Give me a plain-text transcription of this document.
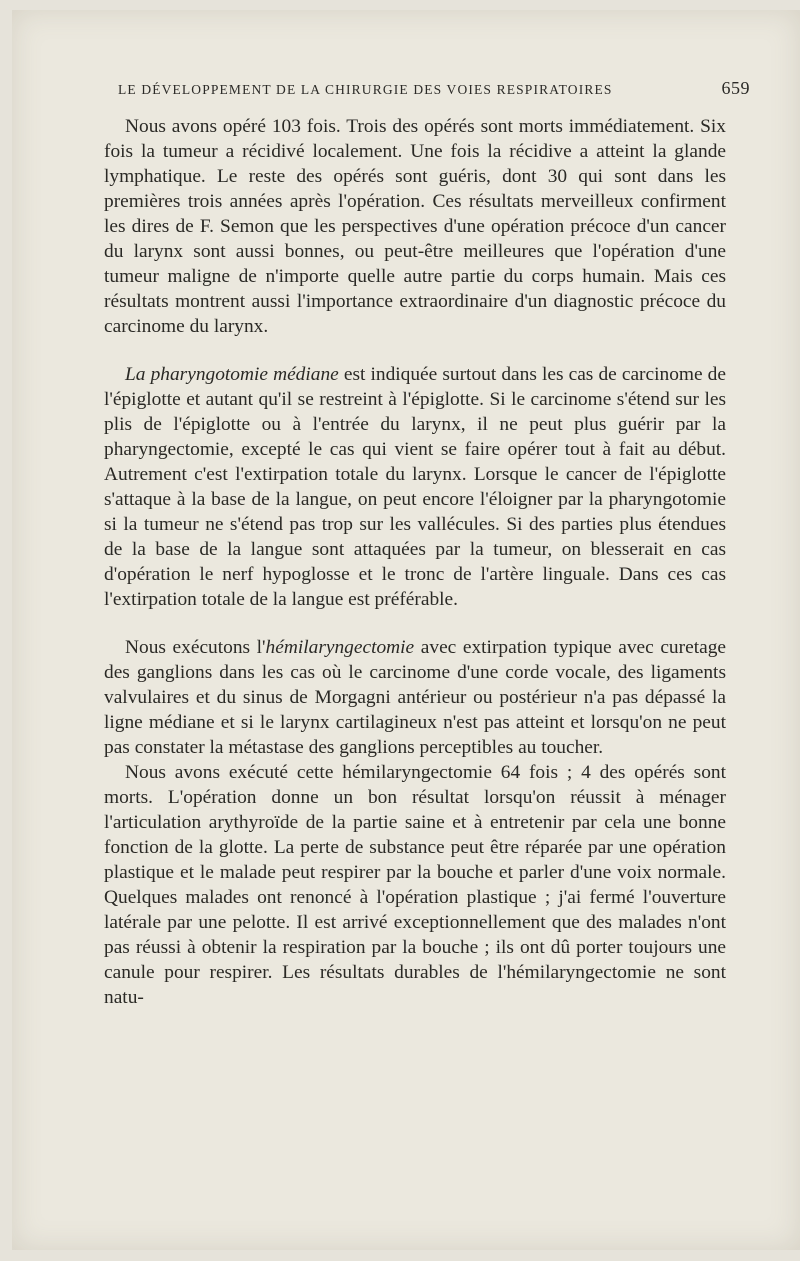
LE DÉVELOPPEMENT DE LA CHIRURGIE DES VOIES RESPIRATOIRES	659

Nous avons opéré 103 fois. Trois des opérés sont morts immédiatement. Six fois la tumeur a récidivé localement. Une fois la récidive a atteint la glande lymphatique. Le reste des opérés sont guéris, dont 30 qui sont dans les premières trois années après l'opération. Ces résultats merveilleux confirment les dires de F. Semon que les perspectives d'une opération précoce d'un cancer du larynx sont aussi bonnes, ou peut-être meilleures que l'opération d'une tumeur maligne de n'importe quelle autre partie du corps humain. Mais ces résultats montrent aussi l'importance extraordinaire d'un diagnostic précoce du carcinome du larynx.

La pharyngotomie médiane est indiquée surtout dans les cas de carcinome de l'épiglotte et autant qu'il se restreint à l'épiglotte. Si le carcinome s'étend sur les plis de l'épiglotte ou à l'entrée du larynx, il ne peut plus guérir par la pharyngectomie, excepté le cas qui vient se faire opérer tout à fait au début. Autrement c'est l'extirpation totale du larynx. Lorsque le cancer de l'épiglotte s'attaque à la base de la langue, on peut encore l'éloigner par la pharyngotomie si la tumeur ne s'étend pas trop sur les vallécules. Si des parties plus étendues de la base de la langue sont attaquées par la tumeur, on blesserait en cas d'opération le nerf hypoglosse et le tronc de l'artère linguale. Dans ces cas l'extirpation totale de la langue est préférable.

Nous exécutons l'hémilaryngectomie avec extirpation typique avec curetage des ganglions dans les cas où le carcinome d'une corde vocale, des ligaments valvulaires et du sinus de Morgagni antérieur ou postérieur n'a pas dépassé la ligne médiane et si le larynx cartilagineux n'est pas atteint et lorsqu'on ne peut pas constater la métastase des ganglions perceptibles au toucher.

Nous avons exécuté cette hémilaryngectomie 64 fois ; 4 des opérés sont morts. L'opération donne un bon résultat lorsqu'on réussit à ménager l'articulation arythyroïde de la partie saine et à entretenir par cela une bonne fonction de la glotte. La perte de substance peut être réparée par une opération plastique et le malade peut respirer par la bouche et parler d'une voix normale. Quelques malades ont renoncé à l'opération plastique ; j'ai fermé l'ouverture latérale par une pelotte. Il est arrivé exceptionnellement que des malades n'ont pas réussi à obtenir la respiration par la bouche ; ils ont dû porter toujours une canule pour respirer. Les résultats durables de l'hémilaryngectomie ne sont natu-
